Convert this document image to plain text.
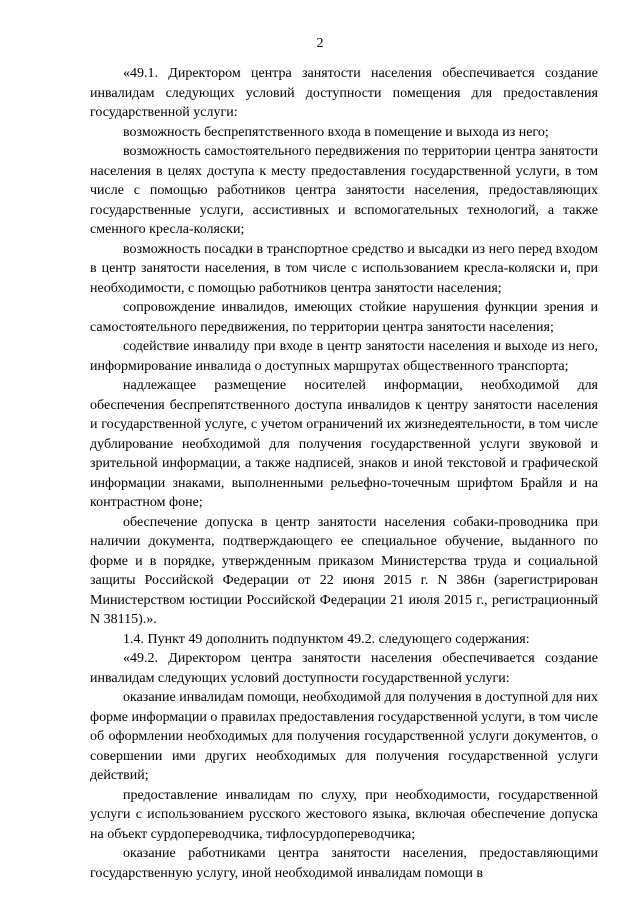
2

«49.1. Директором центра занятости населения обеспечивается создание инвалидам следующих условий доступности помещения для предоставления государственной услуги:

возможность беспрепятственного входа в помещение и выхода из него;

возможность самостоятельного передвижения по территории центра занятости населения в целях доступа к месту предоставления государственной услуги, в том числе с помощью работников центра занятости населения, предоставляющих государственные услуги, ассистивных и вспомогательных технологий, а также сменного кресла-коляски;

возможность посадки в транспортное средство и высадки из него перед входом в центр занятости населения, в том числе с использованием кресла-коляски и, при необходимости, с помощью работников центра занятости населения;

сопровождение инвалидов, имеющих стойкие нарушения функции зрения и самостоятельного передвижения, по территории центра занятости населения;

содействие инвалиду при входе в центр занятости населения и выходе из него, информирование инвалида о доступных маршрутах общественного транспорта;

надлежащее размещение носителей информации, необходимой для обеспечения беспрепятственного доступа инвалидов к центру занятости населения и государственной услуге, с учетом ограничений их жизнедеятельности, в том числе дублирование необходимой для получения государственной услуги звуковой и зрительной информации, а также надписей, знаков и иной текстовой и графической информации знаками, выполненными рельефно-точечным шрифтом Брайля и на контрастном фоне;

обеспечение допуска в центр занятости населения собаки-проводника при наличии документа, подтверждающего ее специальное обучение, выданного по форме и в порядке, утвержденным приказом Министерства труда и социальной защиты Российской Федерации от 22 июня 2015 г. N 386н (зарегистрирован Министерством юстиции Российской Федерации 21 июля 2015 г., регистрационный N 38115).».

1.4. Пункт 49 дополнить подпунктом 49.2. следующего содержания:

«49.2. Директором центра занятости населения обеспечивается создание инвалидам следующих условий доступности государственной услуги:

оказание инвалидам помощи, необходимой для получения в доступной для них форме информации о правилах предоставления государственной услуги, в том числе об оформлении необходимых для получения государственной услуги документов, о совершении ими других необходимых для получения государственной услуги действий;

предоставление инвалидам по слуху, при необходимости, государственной услуги с использованием русского жестового языка, включая обеспечение допуска на объект сурдопереводчика, тифлосурдопереводчика;

оказание работниками центра занятости населения, предоставляющими государственную услугу, иной необходимой инвалидам помощи в
